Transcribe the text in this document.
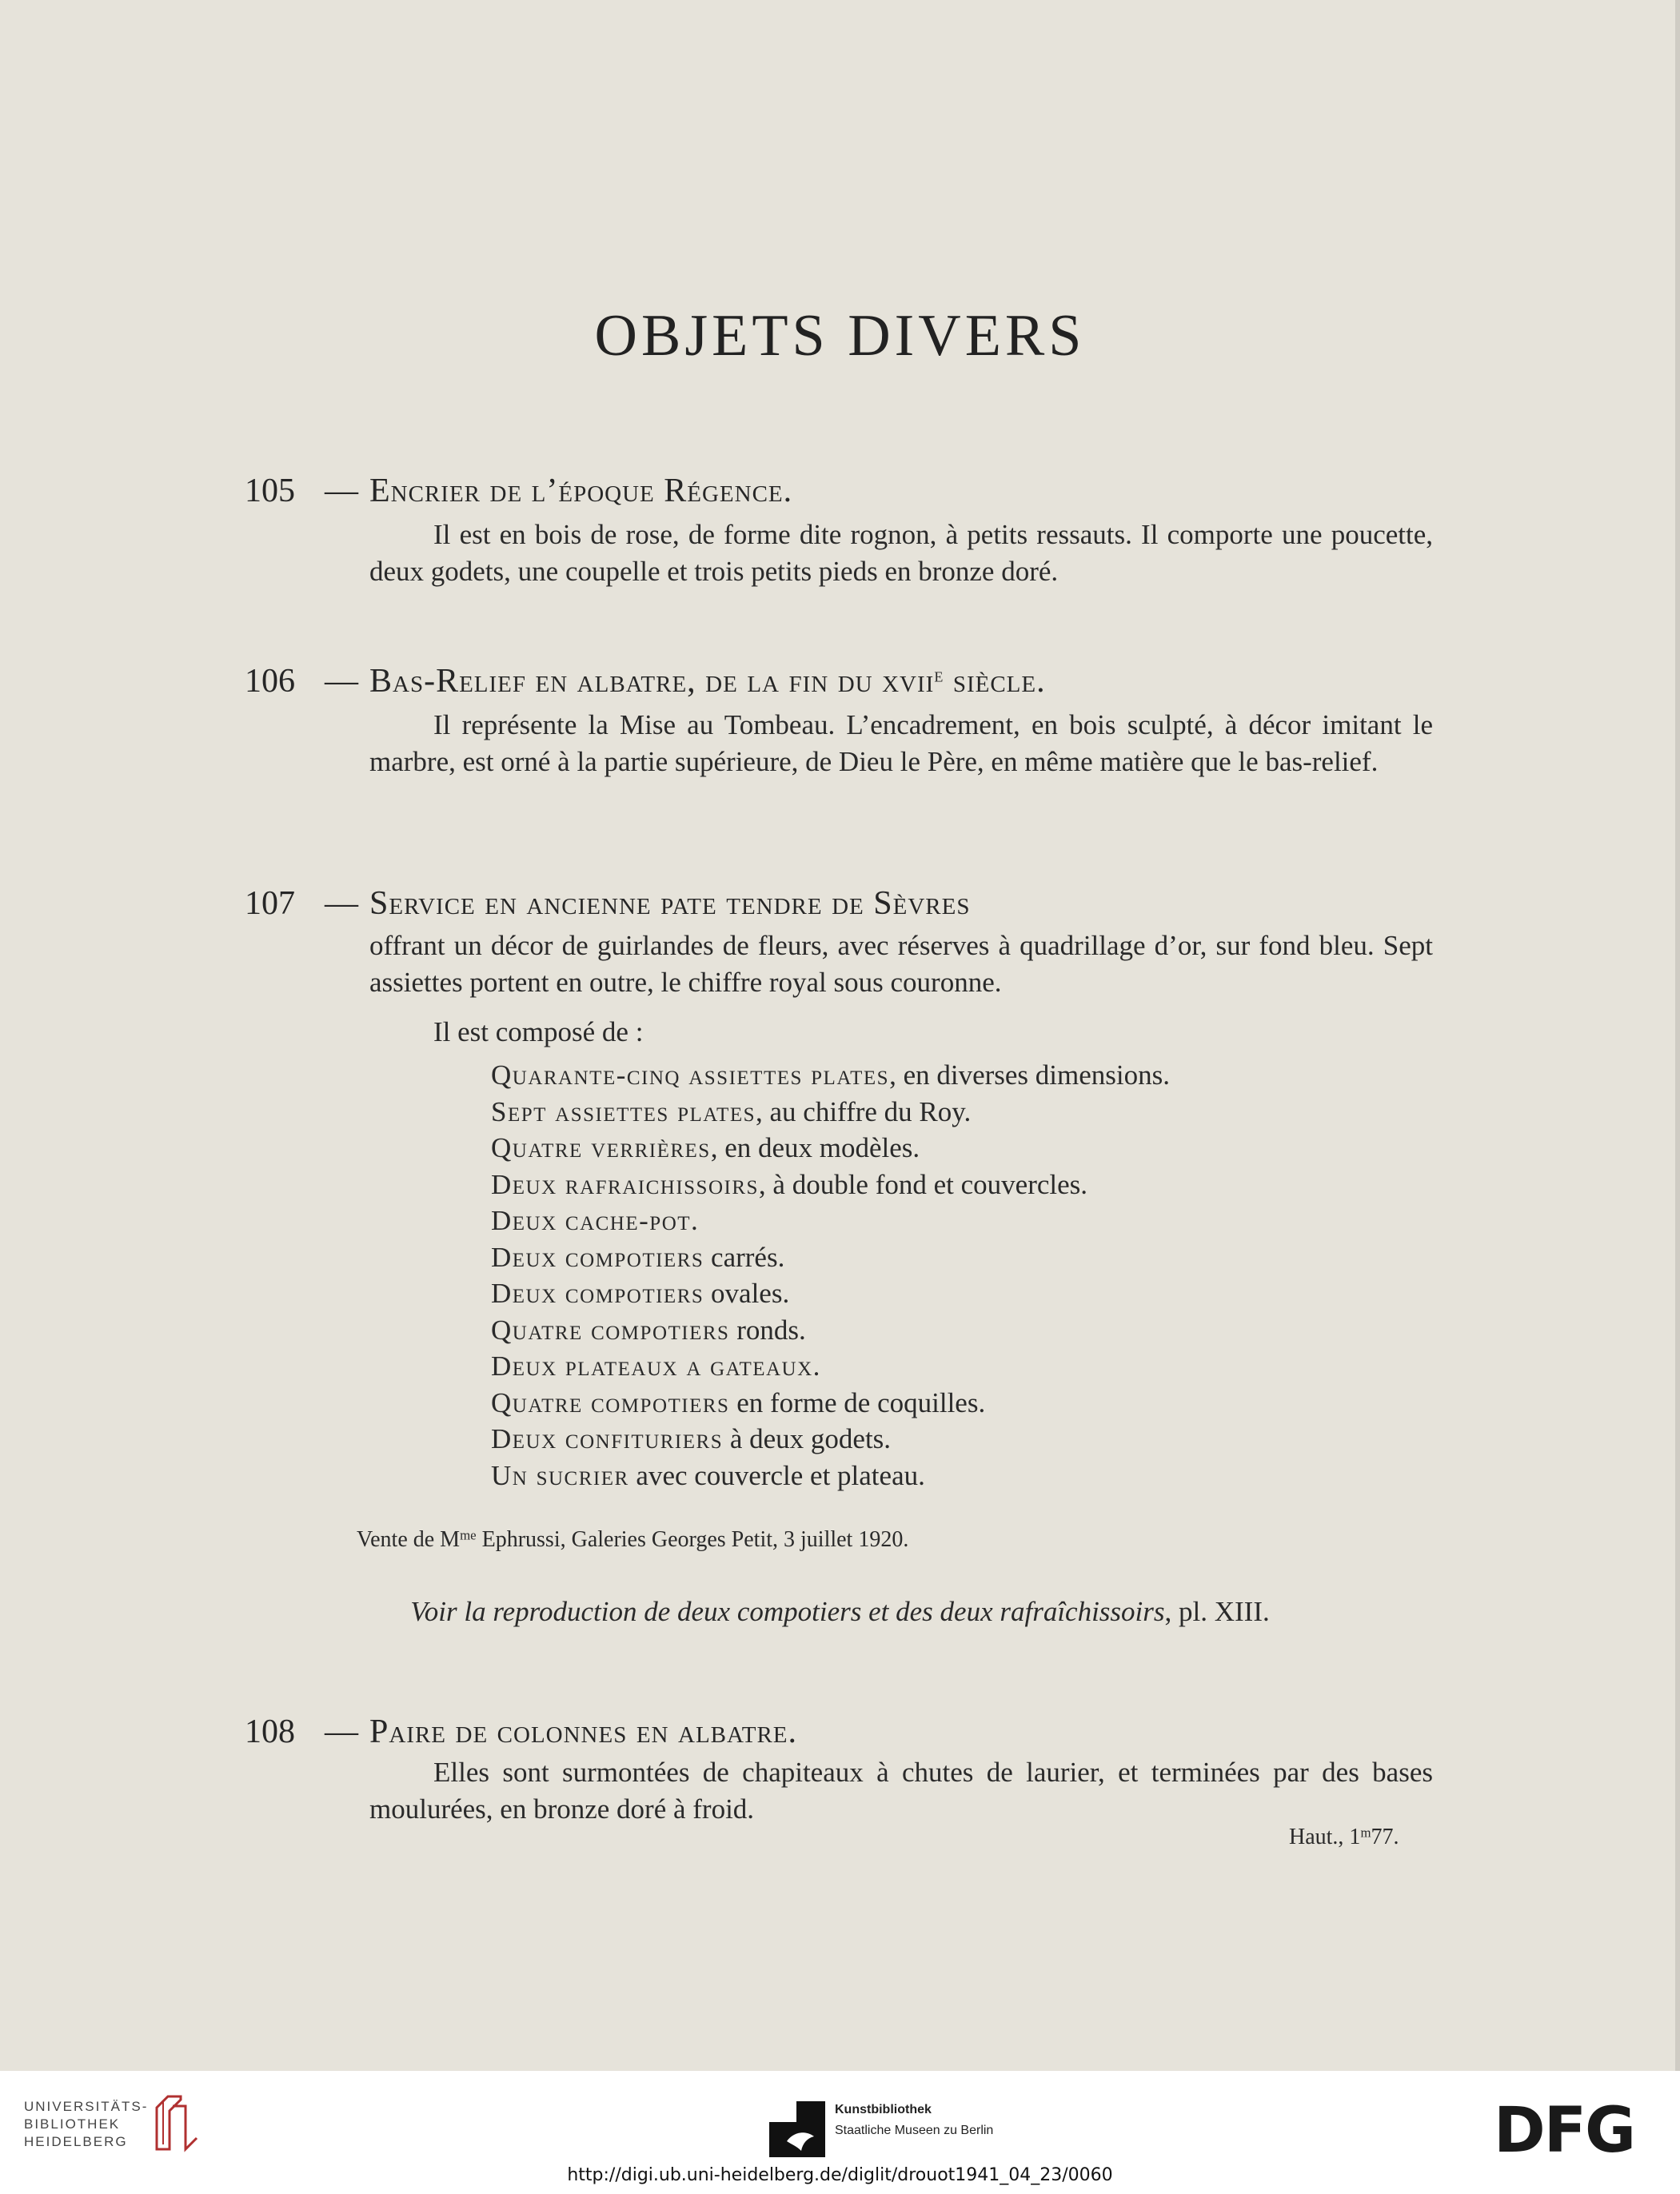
OBJETS DIVERS
105 — Encrier de l’époque Régence.
Il est en bois de rose, de forme dite rognon, à petits ressauts. Il comporte une poucette, deux godets, une coupelle et trois petits pieds en bronze doré.
106 — Bas-Relief en albatre, de la fin du xvii$^e$ siècle.
Il représente la Mise au Tombeau. L’encadrement, en bois sculpté, à décor imitant le marbre, est orné à la partie supérieure, de Dieu le Père, en même matière que le bas-relief.
107 — Service en ancienne pate tendre de Sèvres
offrant un décor de guirlandes de fleurs, avec réserves à quadrillage d’or, sur fond bleu. Sept assiettes portent en outre, le chiffre royal sous couronne.
Il est composé de :
Quarante-cinq assiettes plates, en diverses dimensions.
Sept assiettes plates, au chiffre du Roy.
Quatre verrières, en deux modèles.
Deux rafraichissoirs, à double fond et couvercles.
Deux cache-pot.
Deux compotiers carrés.
Deux compotiers ovales.
Quatre compotiers ronds.
Deux plateaux a gateaux.
Quatre compotiers en forme de coquilles.
Deux confituriers à deux godets.
Un sucrier avec couvercle et plateau.
Vente de $M^{me}$ Ephrussi, Galeries Georges Petit, 3 juillet 1920.
Voir la reproduction de deux compotiers et des deux rafraîchissoirs, pl. XIII.
108 — Paire de colonnes en albatre.
Elles sont surmontées de chapiteaux à chutes de laurier, et terminées par des bases moulurées, en bronze doré à froid.
Haut., 1$^m$77.
UNIVERSITÄTS-
BIBLIOTHEK
HEIDELBERG
Kunstbibliothek
Staatliche Museen zu Berlin	DFG
http://digi.ub.uni-heidelberg.de/diglit/drouot1941_04_23/0060
